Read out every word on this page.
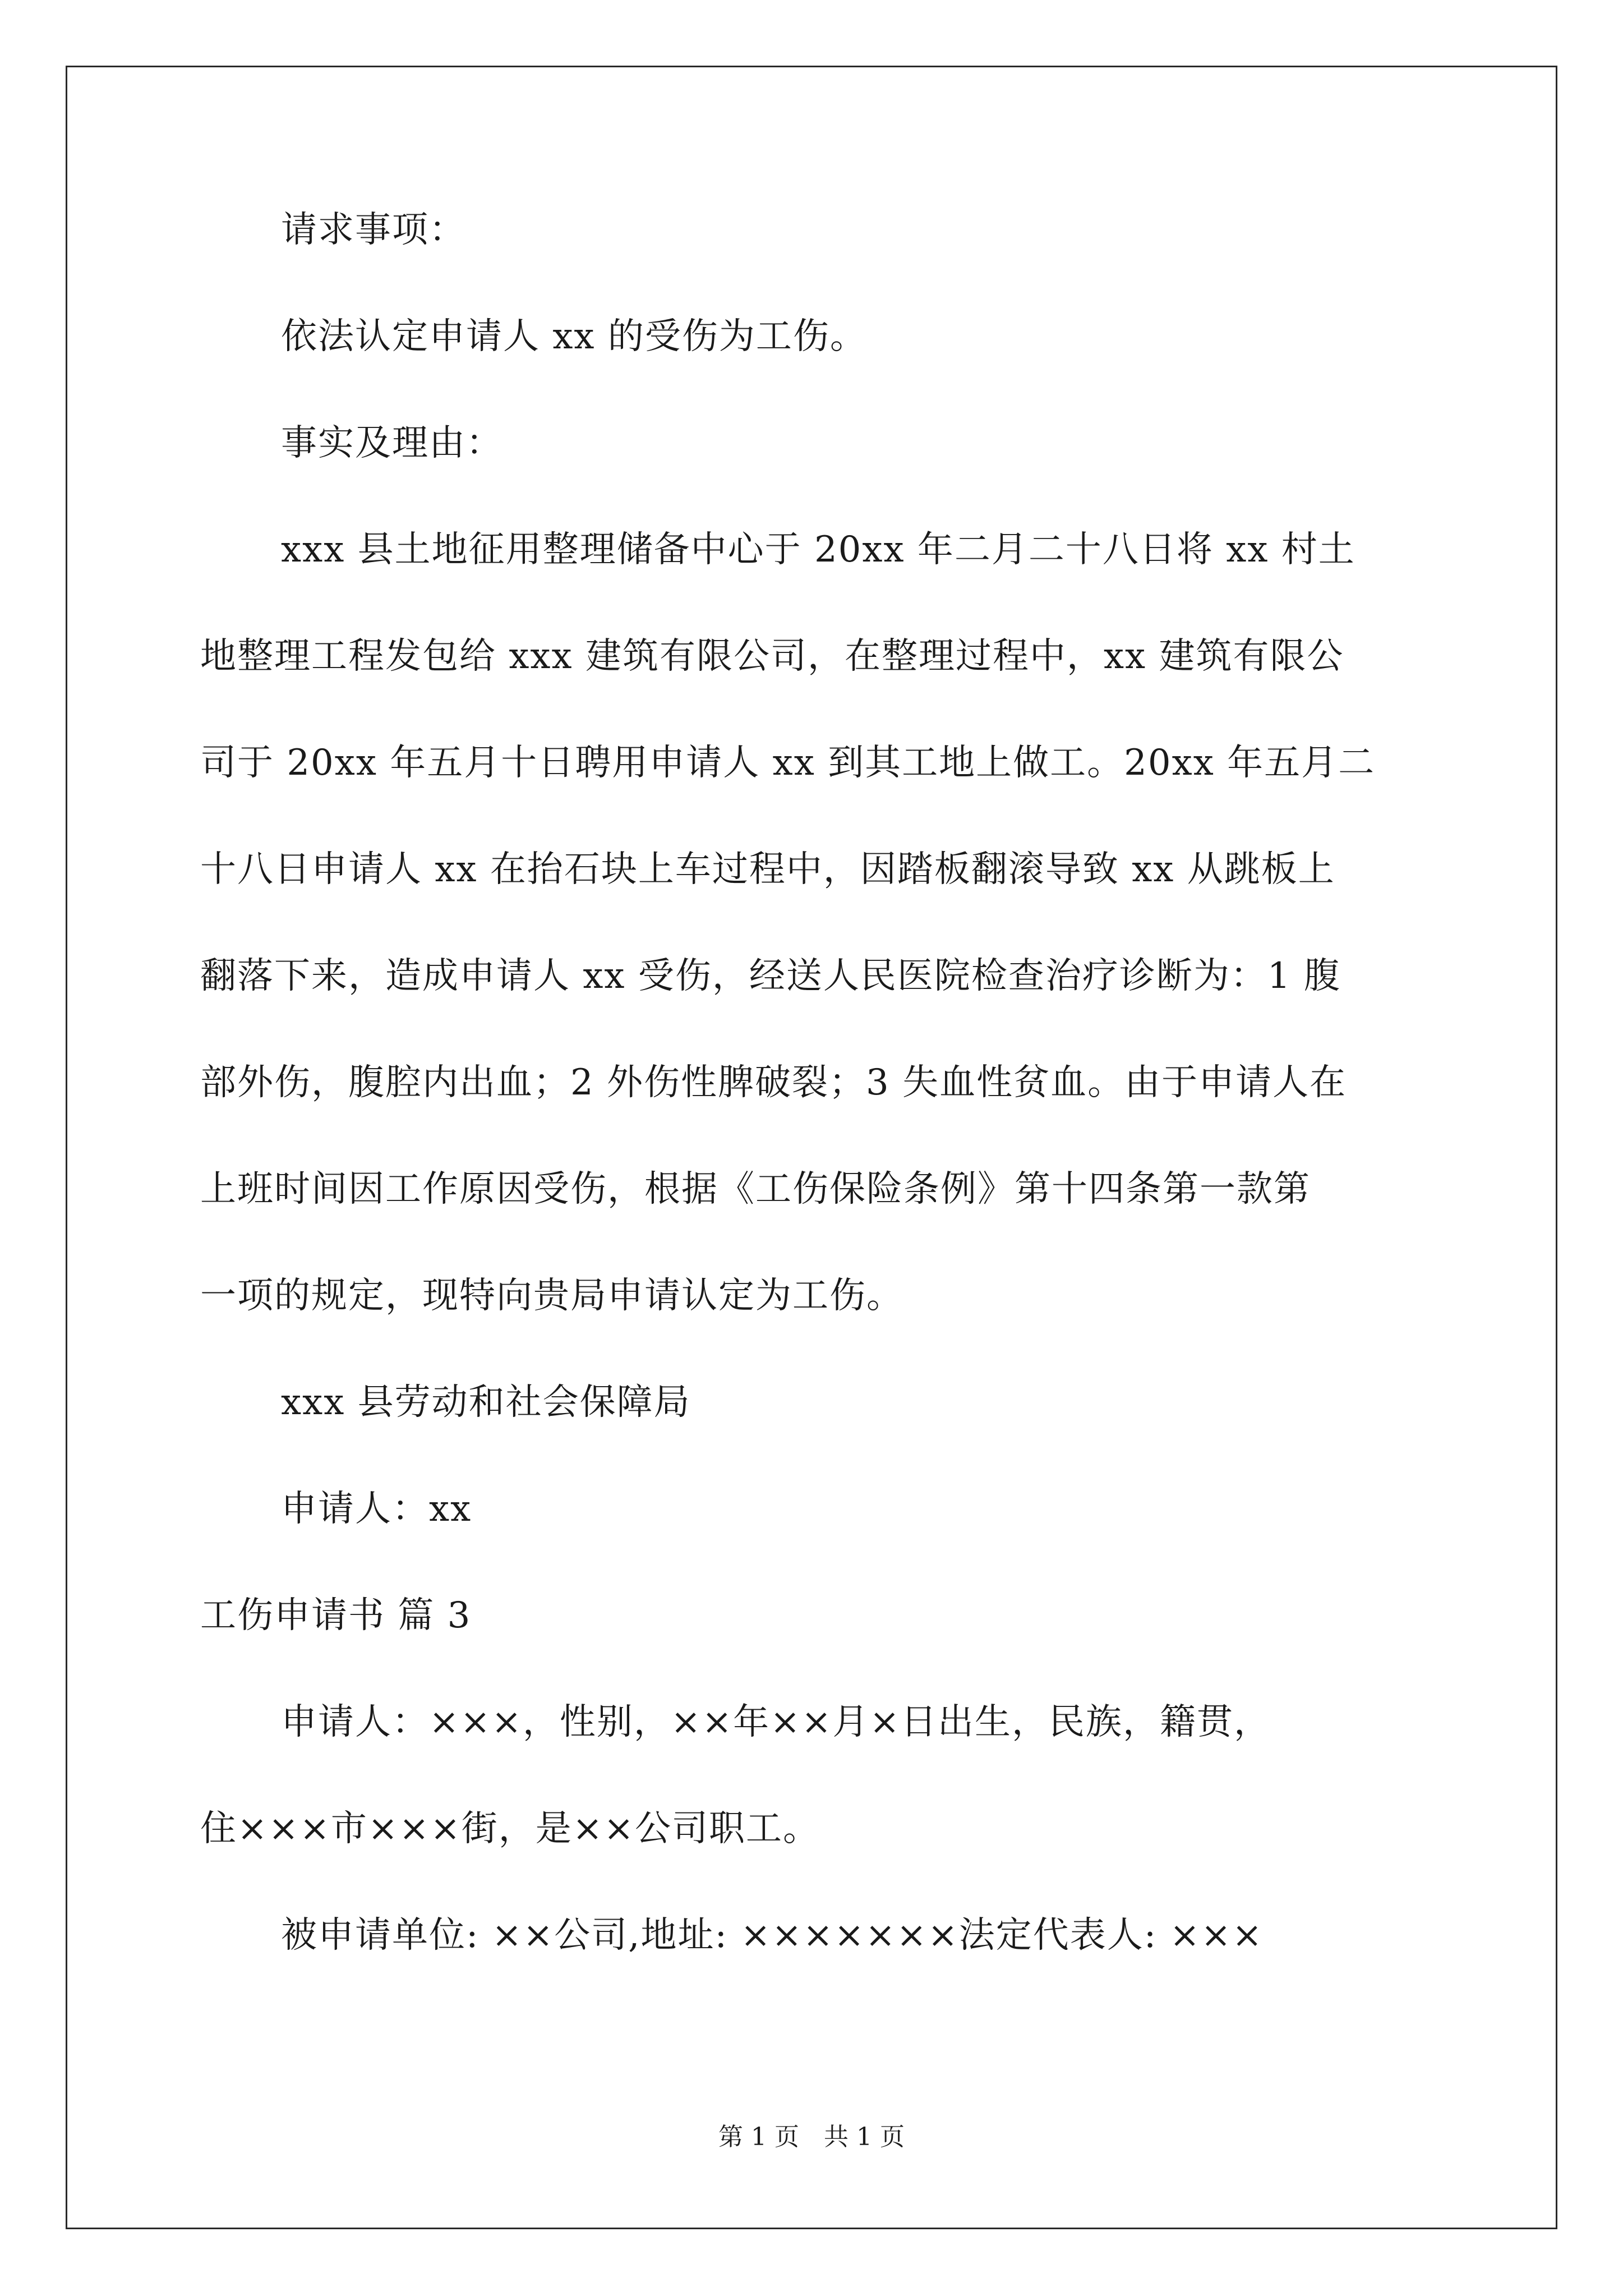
请求事项：
依法认定申请人 xx 的受伤为工伤。
事实及理由：
xxx 县土地征用整理储备中心于 20xx 年二月二十八日将 xx 村土
地整理工程发包给 xxx 建筑有限公司，在整理过程中，xx 建筑有限公
司于 20xx 年五月十日聘用申请人 xx 到其工地上做工。20xx 年五月二
十八日申请人 xx 在抬石块上车过程中，因踏板翻滚导致 xx 从跳板上
翻落下来，造成申请人 xx 受伤，经送人民医院检查治疗诊断为：1 腹
部外伤，腹腔内出血；2 外伤性脾破裂；3 失血性贫血。由于申请人在
上班时间因工作原因受伤，根据《工伤保险条例》第十四条第一款第
一项的规定，现特向贵局申请认定为工伤。
xxx 县劳动和社会保障局
申请人：xx
工伤申请书 篇 3
申请人：×××，性别，××年××月×日出生，民族，籍贯，
住×××市×××街，是××公司职工。
被申请单位: ××公司,地址: ×××××××法定代表人: ×××
第 1 页　共 1 页
